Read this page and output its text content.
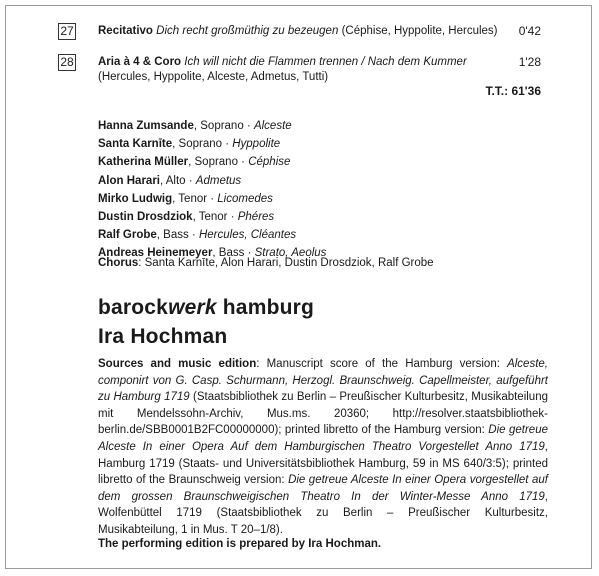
27 Recitativo Dich recht großmüthig zu bezeugen (Céphise, Hyppolite, Hercules) 0'42
28 Aria à 4 & Coro Ich will nicht die Flammen trennen / Nach dem Kummer
(Hercules, Hyppolite, Alceste, Admetus, Tutti)
1'28
T.T.: 61'36
Hanna Zumsande, Soprano · Alceste
Santa Karnīte, Soprano · Hyppolite
Katherina Müller, Soprano · Céphise
Alon Harari, Alto · Admetus
Mirko Ludwig, Tenor · Licomedes
Dustin Drosdziok, Tenor · Phéres
Ralf Grobe, Bass · Hercules, Cléantes
Andreas Heinemeyer, Bass · Strato, Aeolus
Chorus: Santa Karnīte, Alon Harari, Dustin Drosdziok, Ralf Grobe
barockwerk hamburg
Ira Hochman
Sources and music edition: Manuscript score of the Hamburg version: Alceste, componirt von G. Casp. Schurmann, Herzogl. Braunschweig. Capellmeister, aufgeführt zu Hamburg 1719 (Staatsbibliothek zu Berlin – Preußischer Kulturbesitz, Musikabteilung mit Mendelssohn-Archiv, Mus.ms. 20360; http://resolver.staatsbibliothek-berlin.de/SBB0001B2FC00000000); printed libretto of the Hamburg version: Die getreue Alceste In einer Opera Auf dem Hamburgischen Theatro Vorgestellet Anno 1719, Hamburg 1719 (Staats- und Universitätsbibliothek Hamburg, 59 in MS 640/3:5); printed libretto of the Braunschweig version: Die getreue Alceste In einer Opera vorgestellet auf dem grossen Braunschweigischen Theatro In der Winter-Messe Anno 1719, Wolfenbüttel 1719 (Staatsbibliothek zu Berlin – Preußischer Kulturbesitz, Musikabteilung, 1 in Mus. T 20–1/8).
The performing edition is prepared by Ira Hochman.
